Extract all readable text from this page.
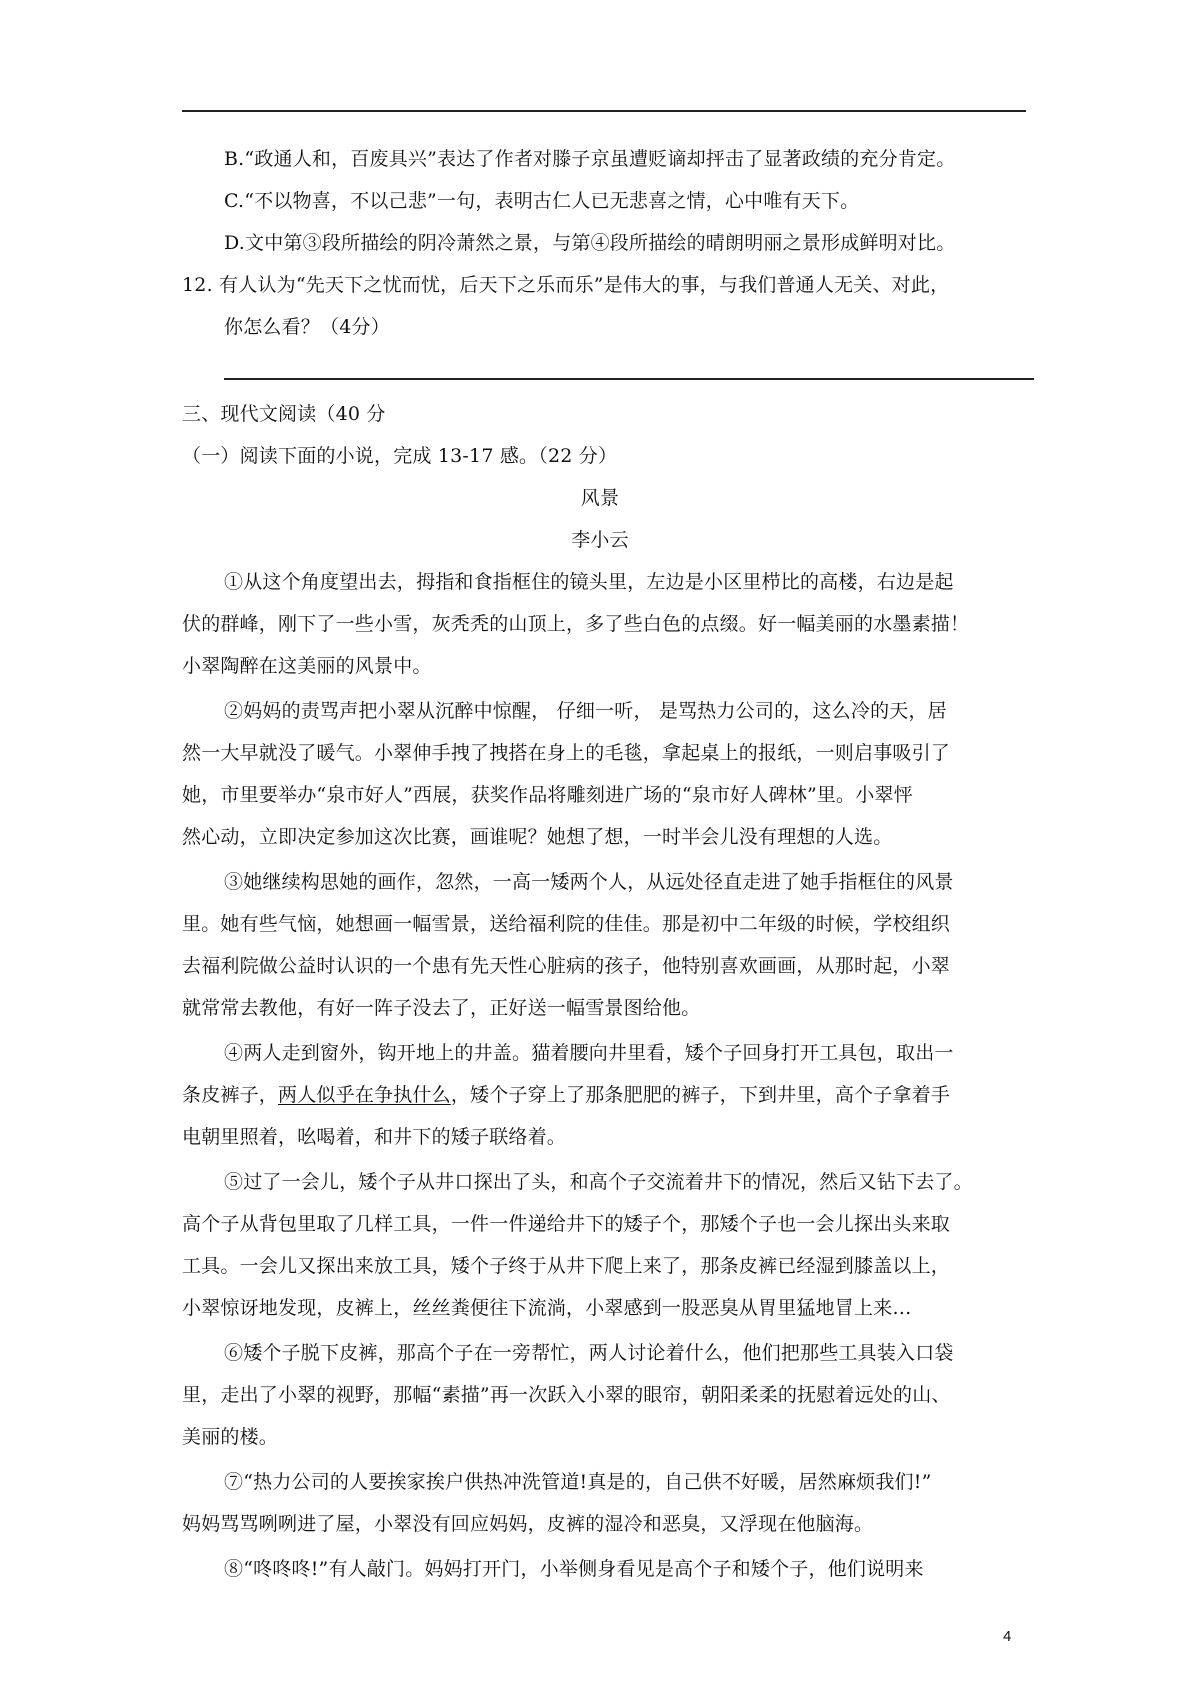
B.“政通人和，百废具兴”表达了作者对滕子京虽遭贬谪却抨击了显著政绩的充分肯定。
C.“不以物喜，不以己悲”一句，表明古仁人已无悲喜之情，心中唯有天下。
D.文中第③段所描绘的阴冷萧然之景，与第④段所描绘的晴朗明丽之景形成鲜明对比。
12. 有人认为“先天下之忧而忧，后天下之乐而乐”是伟大的事，与我们普通人无关、对此，
你怎么看？（4分）
三、现代文阅读（40 分
（一）阅读下面的小说，完成 13-17 感。（22 分）
风景
李小云
①从这个角度望出去，拇指和食指框住的镜头里，左边是小区里栉比的高楼，右边是起
伏的群峰，刚下了一些小雪，灰秃秃的山顶上，多了些白色的点缀。好一幅美丽的水墨素描！
小翠陶醉在这美丽的风景中。
②妈妈的责骂声把小翠从沉醉中惊醒， 仔细一听， 是骂热力公司的，这么冷的天，居
然一大早就没了暖气。小翠伸手拽了拽搭在身上的毛毯，拿起桌上的报纸，一则启事吸引了
她，市里要举办“泉市好人”西展，获奖作品将雕刻进广场的“泉市好人碑林”里。小翠怦
然心动，立即决定参加这次比赛，画谁呢？她想了想，一时半会儿没有理想的人选。
③她继续构思她的画作，忽然，一高一矮两个人，从远处径直走进了她手指框住的风景
里。她有些气恼，她想画一幅雪景，送给福利院的佳佳。那是初中二年级的时候，学校组织
去福利院做公益时认识的一个患有先天性心脏病的孩子，他特别喜欢画画，从那时起，小翠
就常常去教他，有好一阵子没去了，正好送一幅雪景图给他。
④两人走到窗外，钩开地上的井盖。猫着腰向井里看，矮个子回身打开工具包，取出一
条皮裤子，两人似乎在争执什么，矮个子穿上了那条肥肥的裤子，下到井里，高个子拿着手
电朝里照着，吆喝着，和井下的矮子联络着。
⑤过了一会儿，矮个子从井口探出了头，和高个子交流着井下的情况，然后又钻下去了。
高个子从背包里取了几样工具，一件一件递给井下的矮子个，那矮个子也一会儿探出头来取
工具。一会儿又探出来放工具，矮个子终于从井下爬上来了，那条皮裤已经湿到膝盖以上，
小翠惊讶地发现，皮裤上，丝丝粪便往下流淌，小翠感到一股恶臭从胃里猛地冒上来…
⑥矮个子脱下皮裤，那高个子在一旁帮忙，两人讨论着什么，他们把那些工具装入口袋
里，走出了小翠的视野，那幅“素描”再一次跃入小翠的眼帘，朝阳柔柔的抚慰着远处的山、
美丽的楼。
⑦“热力公司的人要挨家挨户供热冲洗管道!真是的，自己供不好暖，居然麻烦我们!”
妈妈骂骂咧咧进了屋，小翠没有回应妈妈，皮裤的湿冷和恶臭，又浮现在他脑海。
⑧“咚咚咚!”有人敲门。妈妈打开门，小举侧身看见是高个子和矮个子，他们说明来
4
